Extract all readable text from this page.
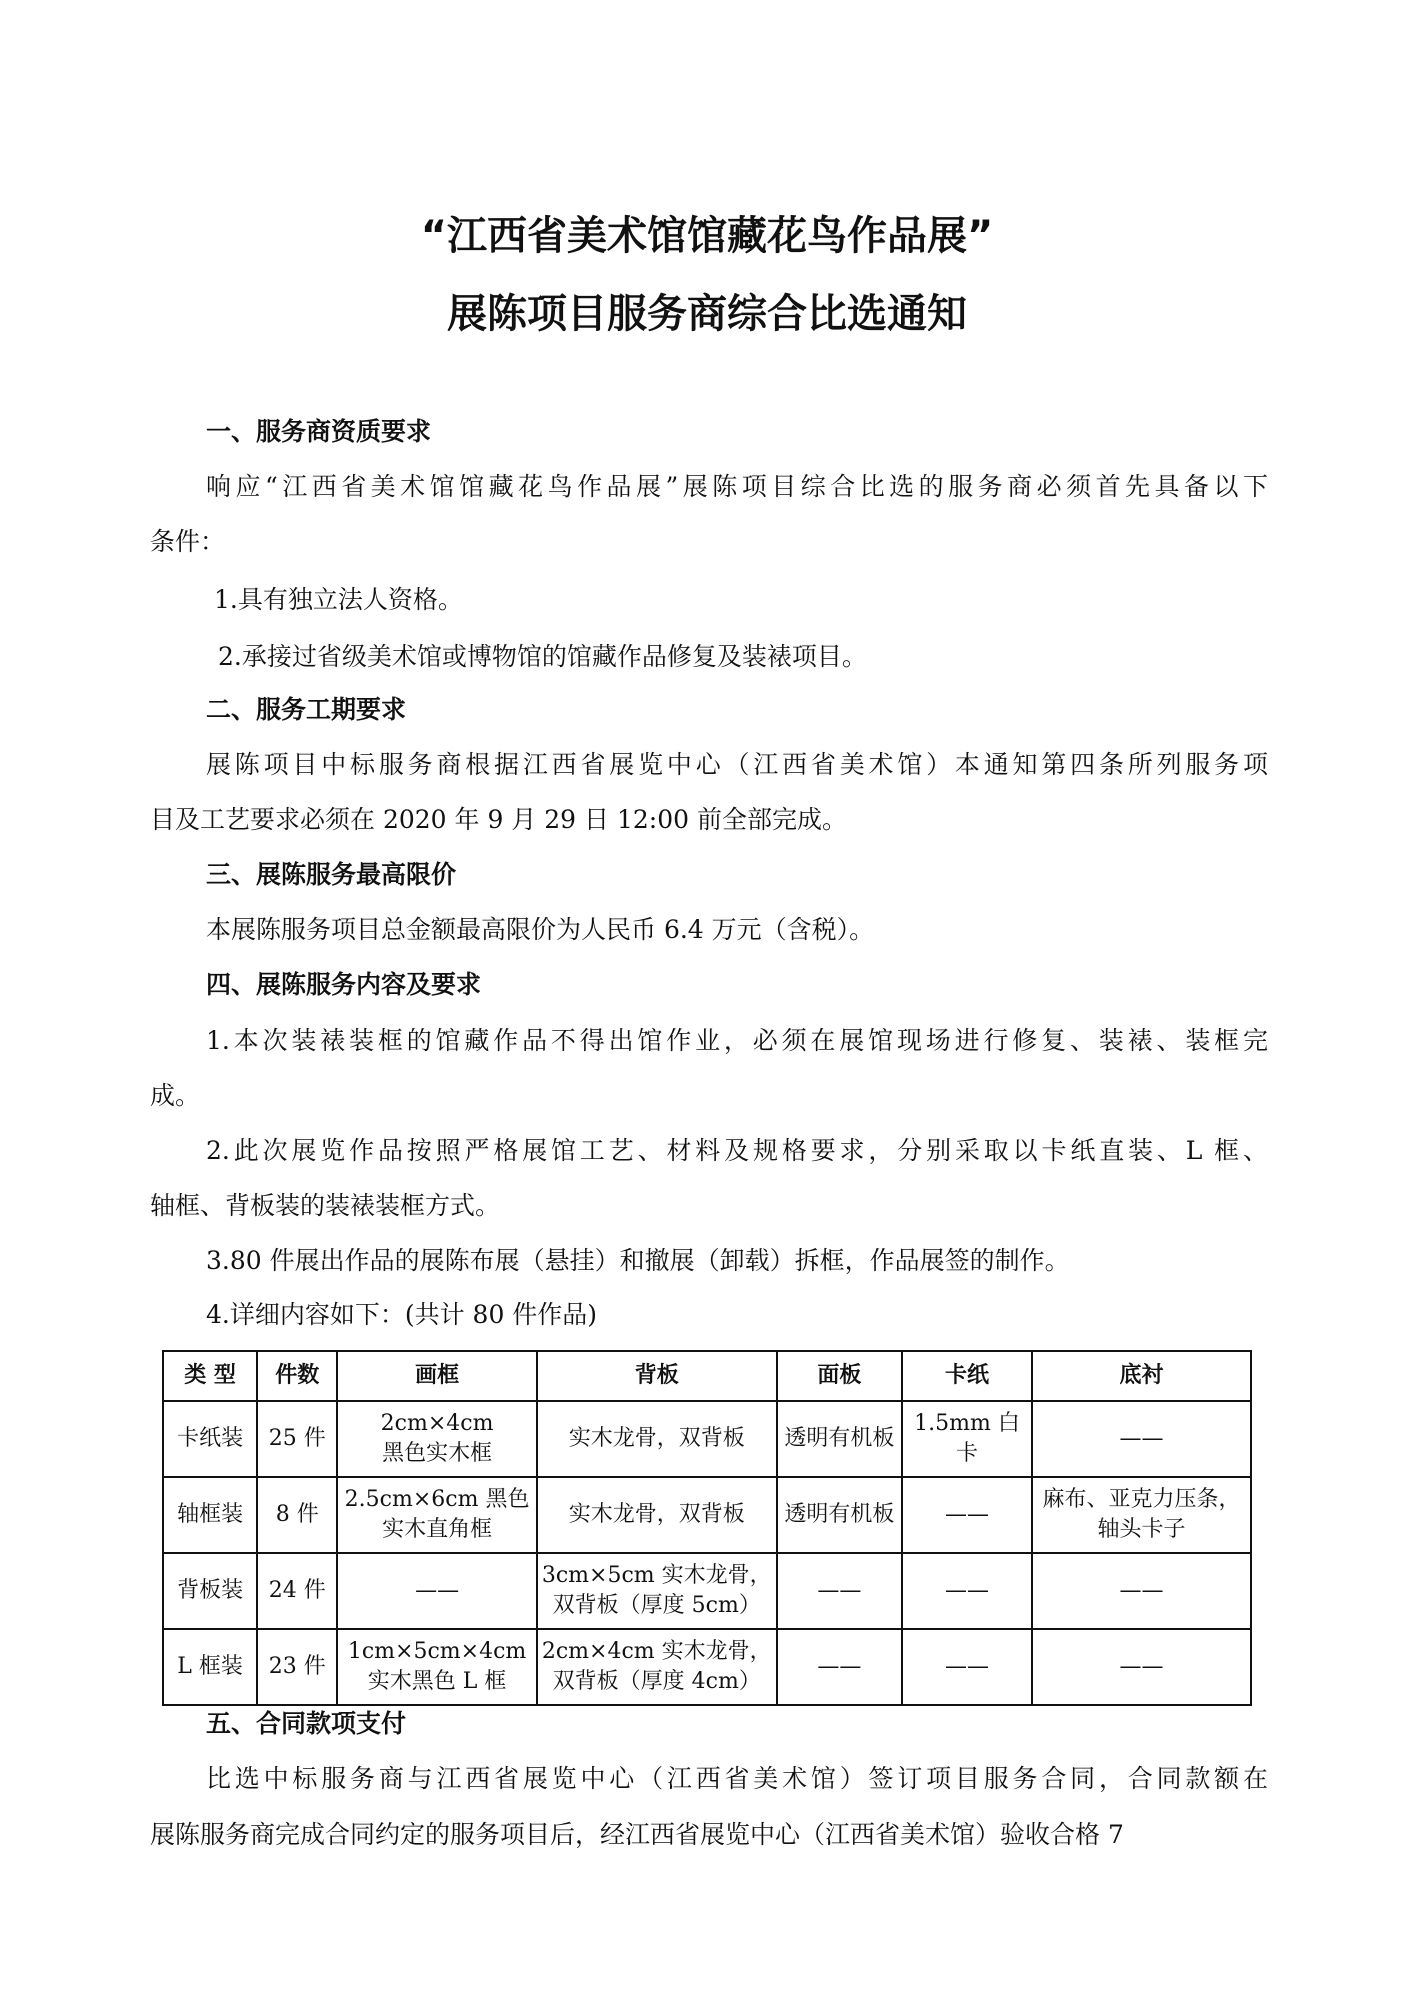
“江西省美术馆馆藏花鸟作品展”
展陈项目服务商综合比选通知

一、服务商资质要求

响应“江西省美术馆馆藏花鸟作品展”展陈项目综合比选的服务商必须首先具备以下

条件：

1.具有独立法人资格。

2.承接过省级美术馆或博物馆的馆藏作品修复及装裱项目。

二、服务工期要求

展陈项目中标服务商根据江西省展览中心（江西省美术馆）本通知第四条所列服务项

目及工艺要求必须在 2020 年 9 月 29 日 12:00 前全部完成。

三、展陈服务最高限价

本展陈服务项目总金额最高限价为人民币 6.4 万元（含税）。

四、展陈服务内容及要求

1.本次装裱装框的馆藏作品不得出馆作业，必须在展馆现场进行修复、装裱、装框完

成。

2.此次展览作品按照严格展馆工艺、材料及规格要求，分别采取以卡纸直装、L 框、

轴框、背板装的装裱装框方式。

3.80 件展出作品的展陈布展（悬挂）和撤展（卸载）拆框，作品展签的制作。

4.详细内容如下：(共计 80 件作品)

类 型	件数	画框	背板	面板	卡纸	底衬
卡纸装	25 件	2cm×4cm
黑色实木框	实木龙骨，双背板	透明有机板	1.5mm 白卡	——

轴框装	8 件	2.5cm×6cm 黑色
实木直角框	实木龙骨，双背板	透明有机板	——	麻布、亚克力压条，
轴头卡子

背板装	24 件	——	3cm×5cm 实木龙骨，
双背板（厚度 5cm）	——	——	——

L 框装	23 件	1cm×5cm×4cm
实木黑色 L 框	2cm×4cm 实木龙骨，
双背板（厚度 4cm）	——	——	——

五、合同款项支付

比选中标服务商与江西省展览中心（江西省美术馆）签订项目服务合同，合同款额在

展陈服务商完成合同约定的服务项目后，经江西省展览中心（江西省美术馆）验收合格 7
